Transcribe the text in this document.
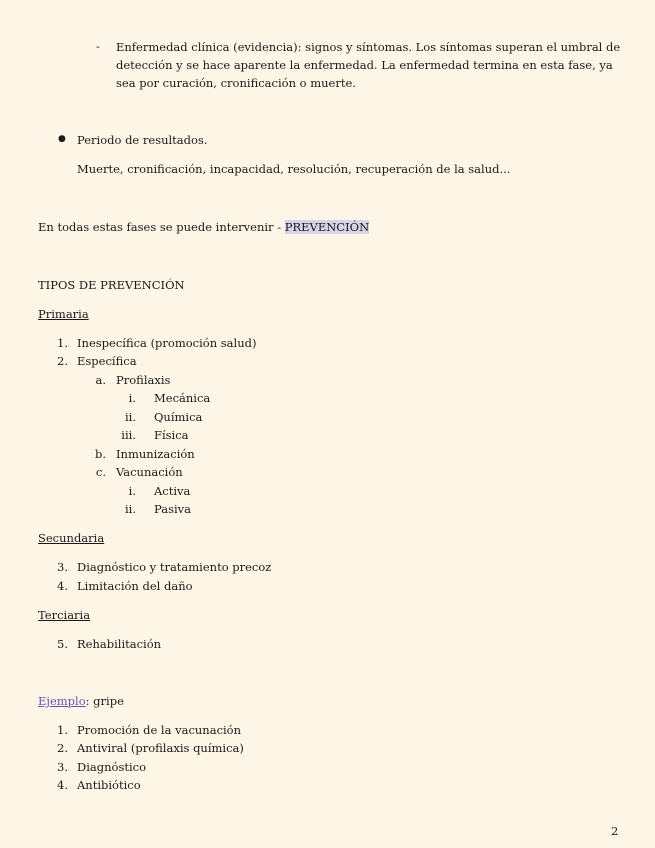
- Enfermedad clínica (evidencia): signos y síntomas. Los síntomas superan el umbral de detección y se hace aparente la enfermedad. La enfermedad termina en esta fase, ya sea por curación, cronificación o muerte.
● Periodo de resultados.
Muerte, cronificación, incapacidad, resolución, recuperación de la salud...
En todas estas fases se puede intervenir - PREVENCIÓN
TIPOS DE PREVENCIÓN
Primaria
1. Inespecífica (promoción salud)
2. Específica
a. Profilaxis
i. Mecánica
ii. Química
iii. Física
b. Inmunización
c. Vacunación
i. Activa
ii. Pasiva
Secundaria
3. Diagnóstico y tratamiento precoz
4. Limitación del daño
Terciaria
5. Rehabilitación
Ejemplo: gripe
1. Promoción de la vacunación
2. Antiviral (profilaxis química)
3. Diagnóstico
4. Antibiótico
2
